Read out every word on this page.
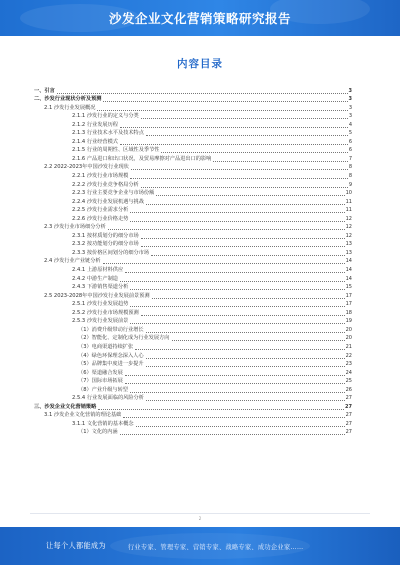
沙发企业文化营销策略研究报告
内容目录
一、引言	3
二、沙发行业现状分析及预测	3
2.1 沙发行业发展概况	3
2.1.1 沙发行业的定义与分类	3
2.1.2 行业发展历程	4
2.1.3 行业技术水平及技术特点	5
2.1.4 行业经营模式	6
2.1.5 行业的周期性、区域性及季节性	6
2.1.6 产品进口和出口状况，及贸易摩擦对产品进出口的影响	7
2.2 2022-2023年中国沙发行业现状	8
2.2.1 沙发行业市场规模	8
2.2.2 沙发行业竞争格局分析	9
2.2.3 行业主要竞争企业与市场份额	10
2.2.4 沙发行业发展机遇与挑战	11
2.2.5 沙发行业需求分析	11
2.2.6 沙发行业价格走势	12
2.3 沙发行业市场细分分析	12
2.3.1 按材质划分的细分市场	12
2.3.2 按功能划分的细分市场	13
2.3.3 按价格区间划分的细分市场	13
2.4 沙发行业产业链分析	14
2.4.1 上游原材料供应	14
2.4.2 中游生产制造	14
2.4.3 下游销售渠道分析	15
2.5 2023-2028年中国沙发行业发展前景预测	17
2.5.1 沙发行业发展趋势	17
2.5.2 沙发行业市场规模预测	18
2.5.3 沙发行业发展前景	19
（1）消费升级带动行业增长	20
（2）智能化、定制化成为行业发展方向	20
（3）电商渠道持续扩张	21
（4）绿色环保理念深入人心	22
（5）品牌集中度进一步提升	23
（6）渠道融合发展	24
（7）国际市场拓展	25
（8）产业升级与转型	26
2.5.4 行业发展面临的风险分析	27
三、沙发企业文化营销策略	27
3.1 沙发企业文化营销的理论基础	27
3.1.1 文化营销的基本概念	27
（1）文化的内涵	27
2
让每个人都能成为	行业专家、管理专家、营销专家、战略专家、成功企业家……
